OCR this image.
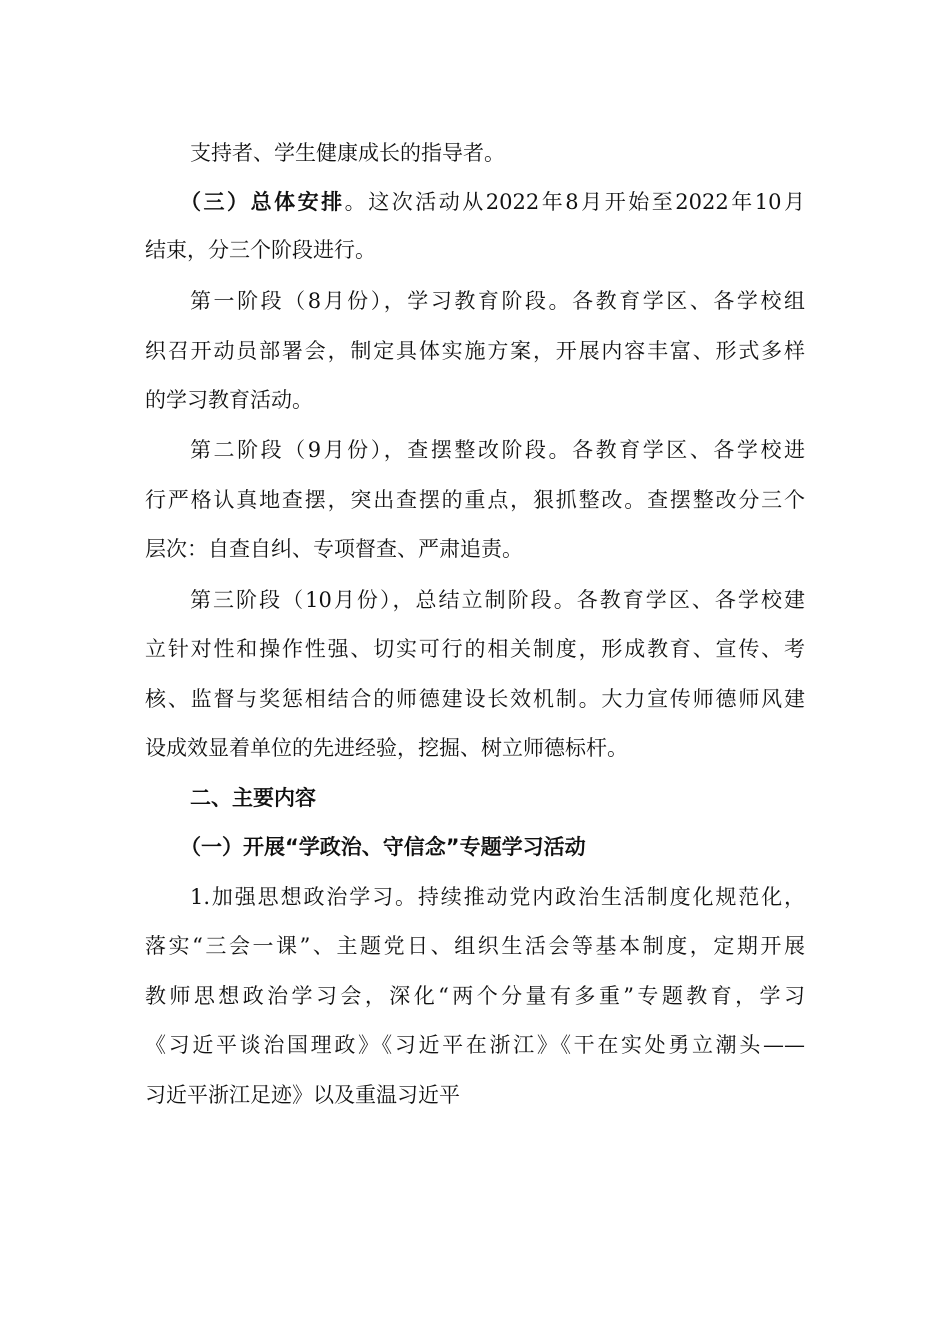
支持者、学生健康成长的指导者。
（三）总体安排。这次活动从2022年8月开始至2022年10月
结束，分三个阶段进行。
第一阶段（8月份），学习教育阶段。各教育学区、各学校组
织召开动员部署会，制定具体实施方案，开展内容丰富、形式多样
的学习教育活动。
第二阶段（9月份），查摆整改阶段。各教育学区、各学校进
行严格认真地查摆，突出查摆的重点，狠抓整改。查摆整改分三个
层次：自查自纠、专项督查、严肃追责。
第三阶段（10月份），总结立制阶段。各教育学区、各学校建
立针对性和操作性强、切实可行的相关制度，形成教育、宣传、考
核、监督与奖惩相结合的师德建设长效机制。大力宣传师德师风建
设成效显着单位的先进经验，挖掘、树立师德标杆。
二、主要内容
（一）开展“学政治、守信念”专题学习活动
1.加强思想政治学习。持续推动党内政治生活制度化规范化，
落实“三会一课”、主题党日、组织生活会等基本制度，定期开展
教师思想政治学习会，深化“两个分量有多重”专题教育，学习
《习近平谈治国理政》《习近平在浙江》《干在实处勇立潮头——
习近平浙江足迹》以及重温习近平
